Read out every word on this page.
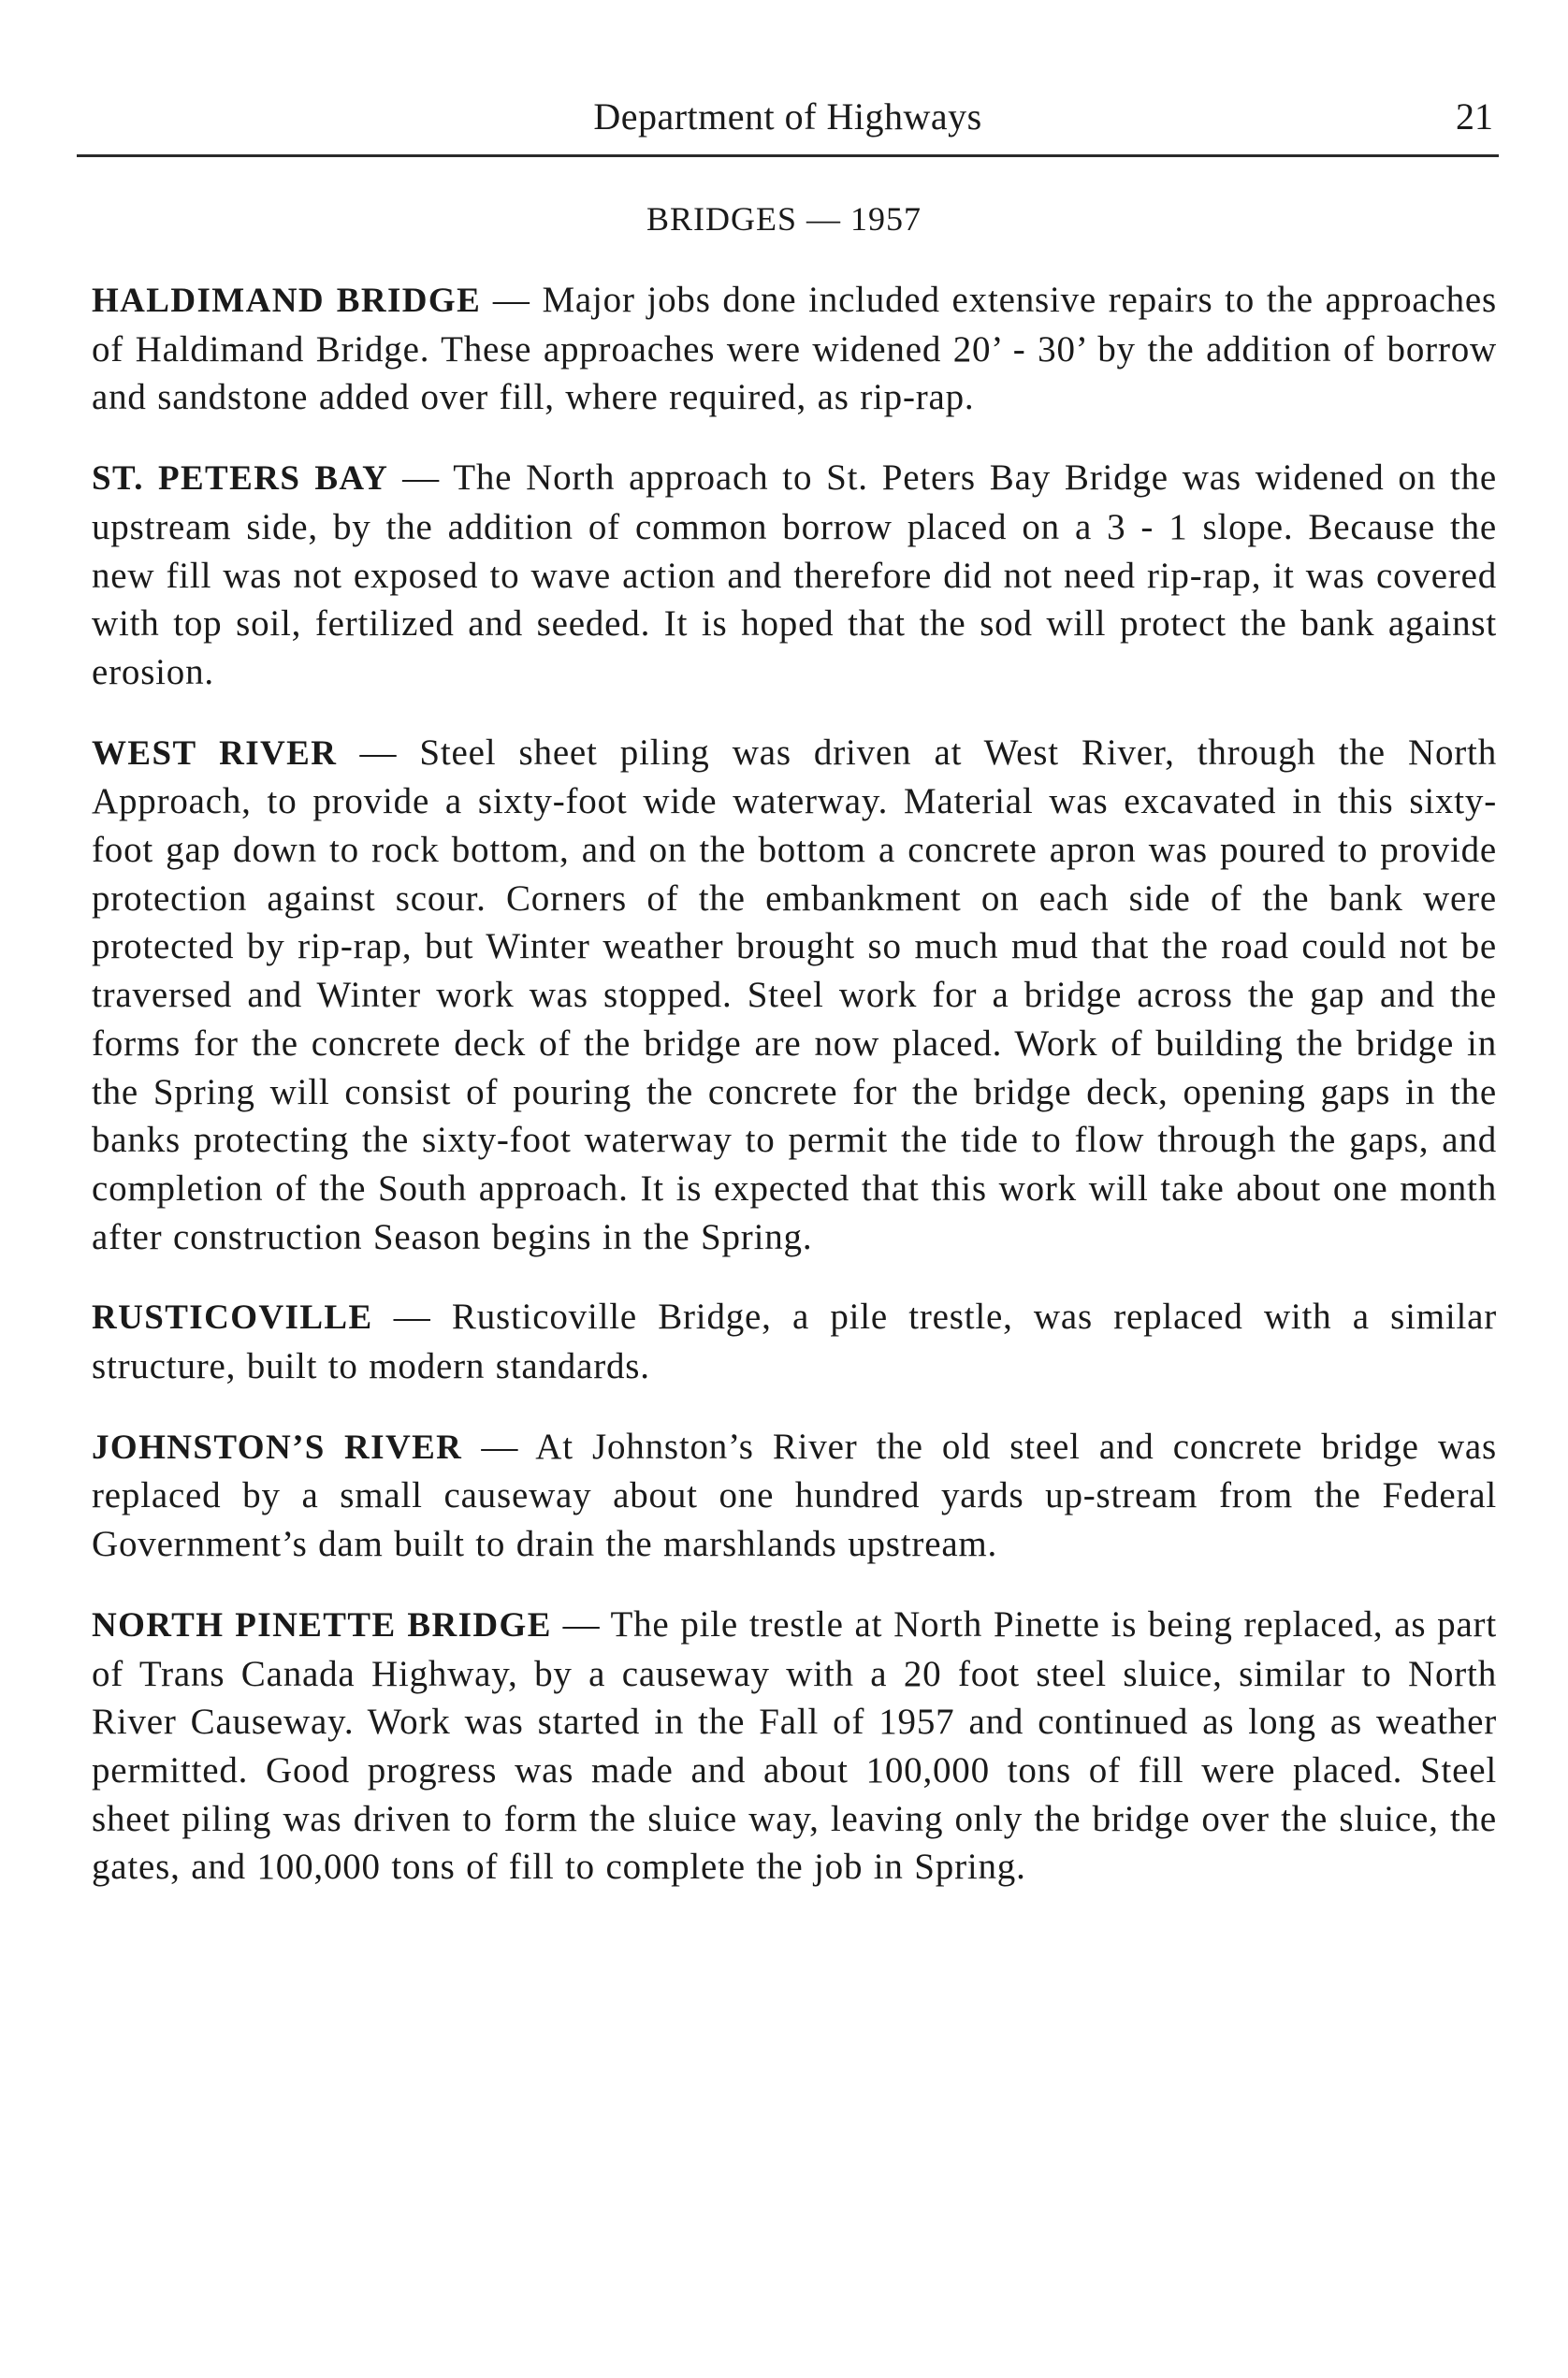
Department of Highways	21
BRIDGES — 1957

HALDIMAND BRIDGE — Major jobs done included extensive repairs to the approaches of Haldimand Bridge. These approaches were widened 20’ - 30’ by the addition of borrow and sandstone added over fill, where required, as rip-rap.

ST. PETERS BAY — The North approach to St. Peters Bay Bridge was widened on the upstream side, by the addition of common borrow placed on a 3 - 1 slope. Because the new fill was not exposed to wave action and therefore did not need rip-rap, it was covered with top soil, fertilized and seeded. It is hoped that the sod will protect the bank against erosion.

WEST RIVER — Steel sheet piling was driven at West River, through the North Approach, to provide a sixty-foot wide waterway. Material was excavated in this sixty-foot gap down to rock bottom, and on the bottom a concrete apron was poured to provide protection against scour. Corners of the embankment on each side of the bank were protected by rip-rap, but Winter weather brought so much mud that the road could not be traversed and Winter work was stopped. Steel work for a bridge across the gap and the forms for the concrete deck of the bridge are now placed. Work of building the bridge in the Spring will consist of pouring the concrete for the bridge deck, opening gaps in the banks protecting the sixty-foot waterway to permit the tide to flow through the gaps, and completion of the South approach. It is expected that this work will take about one month after construction Season begins in the Spring.

RUSTICOVILLE — Rusticoville Bridge, a pile trestle, was replaced with a similar structure, built to modern standards.

JOHNSTON’S RIVER — At Johnston’s River the old steel and concrete bridge was replaced by a small causeway about one hundred yards up-stream from the Federal Government’s dam built to drain the marshlands upstream.

NORTH PINETTE BRIDGE — The pile trestle at North Pinette is being replaced, as part of Trans Canada Highway, by a causeway with a 20 foot steel sluice, similar to North River Causeway. Work was started in the Fall of 1957 and continued as long as weather permitted. Good progress was made and about 100,000 tons of fill were placed. Steel sheet piling was driven to form the sluice way, leaving only the bridge over the sluice, the gates, and 100,000 tons of fill to complete the job in Spring.
